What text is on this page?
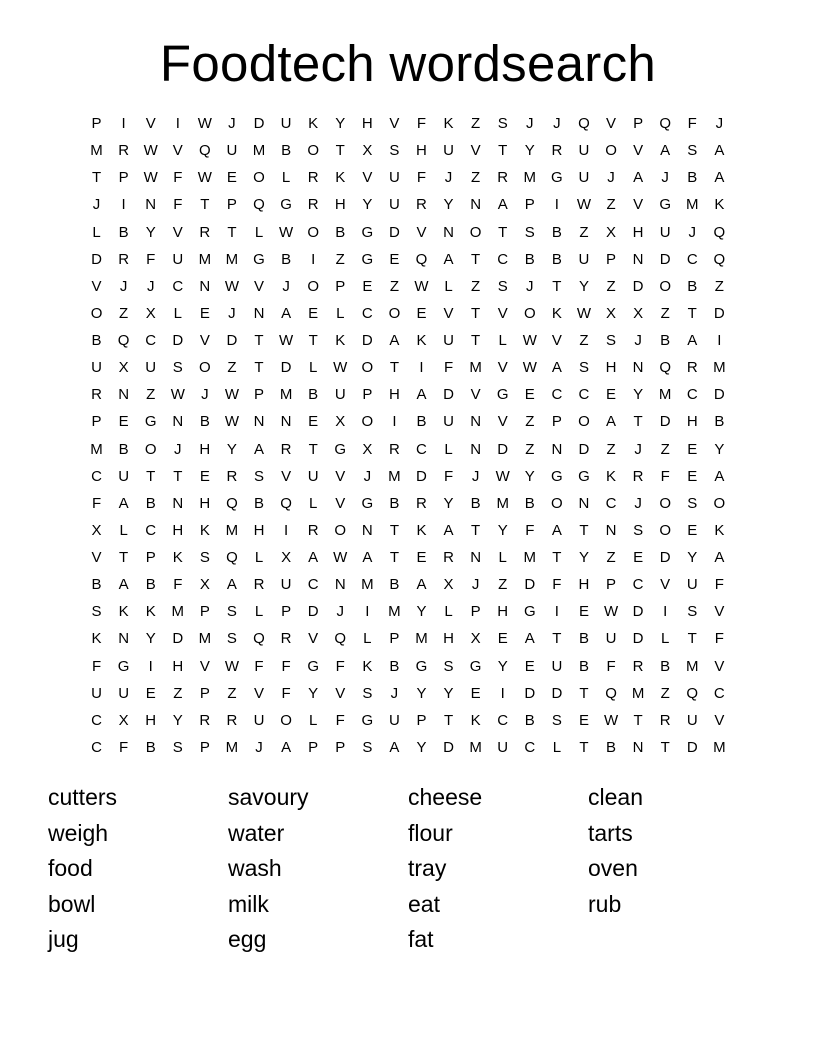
Foodtech wordsearch
P	I	V	I	W	J	D	U	K	Y	H	V	F	K	Z	S	J	J	Q	V	P	Q	F	J
M	R W V	Q	U	M	B	O	T	X	S	H	U	V	T	Y	R	U	O	V	A	S	A
T	P W	F	W E	O	L	R	K	V	U	F	J	Z	R	M	G	U	J	A	J	B	A
J	I	N	F	T	P	Q	G	R	H	Y	U	R	Y	N	A	P	I	W	Z	V	G M	K
L	B	Y	V	R	T	L	W O	B	G	D	V	N	O	T	S	B	Z	X	H	U	J	Q
D	R	F	U	M M	G	B	I	Z	G	E	Q	A	T	C	B	B	U	P	N	D	C	Q
V	J	J	C	N W V	J	O	P	E	Z	W	L	Z	S	J	T	Y	Z	D	O	B	Z
O	Z	X	L	E	J	N	A	E	L	C	O	E	V	T	V	O	K W X	X	Z	T	D
B	Q	C	D	V	D	T	W	T	K	D	A	K	U	T	L	W V	Z	S	J	B	A	I
U	X	U	S	O	Z	T	D	L	W O	T	I	F	M	V W A	S	H	N	Q	R	M
R	N	Z	W	J	W P	M	B	U	P	H	A	D	V	G	E	C	C	E	Y	M	C	D
P	E	G	N	B W N	N	E	X	O	I	B	U	N	V	Z	P	O	A	T	D	H	B
M	B	O	J	H	Y	A	R	T	G	X	R	C	L	N	D	Z	N	D	Z	J	Z	E	Y
C	U	T	T	E	R	S	V	U	V	J	M	D	F	J	W Y	G	G	K	R	F	E	A
F	A	B	N	H	Q	B	Q	L	V	G	B	R	Y	B	M	B	O	N	C	J	O	S	O
X	L	C	H	K	M	H	I	R	O	N	T	K	A	T	Y	F	A	T	N	S	O	E	K
V	T	P	K	S	Q	L	X	A W A	T	E	R	N	L	M	T	Y	Z	E	D	Y	A
B	A	B	F	X	A	R	U	C	N	M	B	A	X	J	Z	D	F	H	P	C	V	U	F
S	K	K	M	P	S	L	P	D	J	I	M	Y	L	P	H	G	I	E W D	I	S	V
K	N	Y	D	M	S	Q	R	V	Q	L	P	M	H	X	E	A	T	B	U	D	L	T	F
F	G	I	H	V W	F	F	G	F	K	B	G	S	G	Y	E	U	B	F	R	B	M	V
U	U	E	Z	P	Z	V	F	Y	V	S	J	Y	Y	E	I	D	D	T	Q M	Z	Q	C
C	X	H	Y	R	R	U	O	L	F	G	U	P	T	K	C	B	S	E W	T	R	U	V
C	F	B	S	P	M	J	A	P	P	S	A	Y	D	M	U	C	L	T	B	N	T	D	M
cutters
weigh
food
bowl
jug
savoury
water
wash
milk
egg
cheese
flour
tray
eat
fat
clean
tarts
oven
rub
